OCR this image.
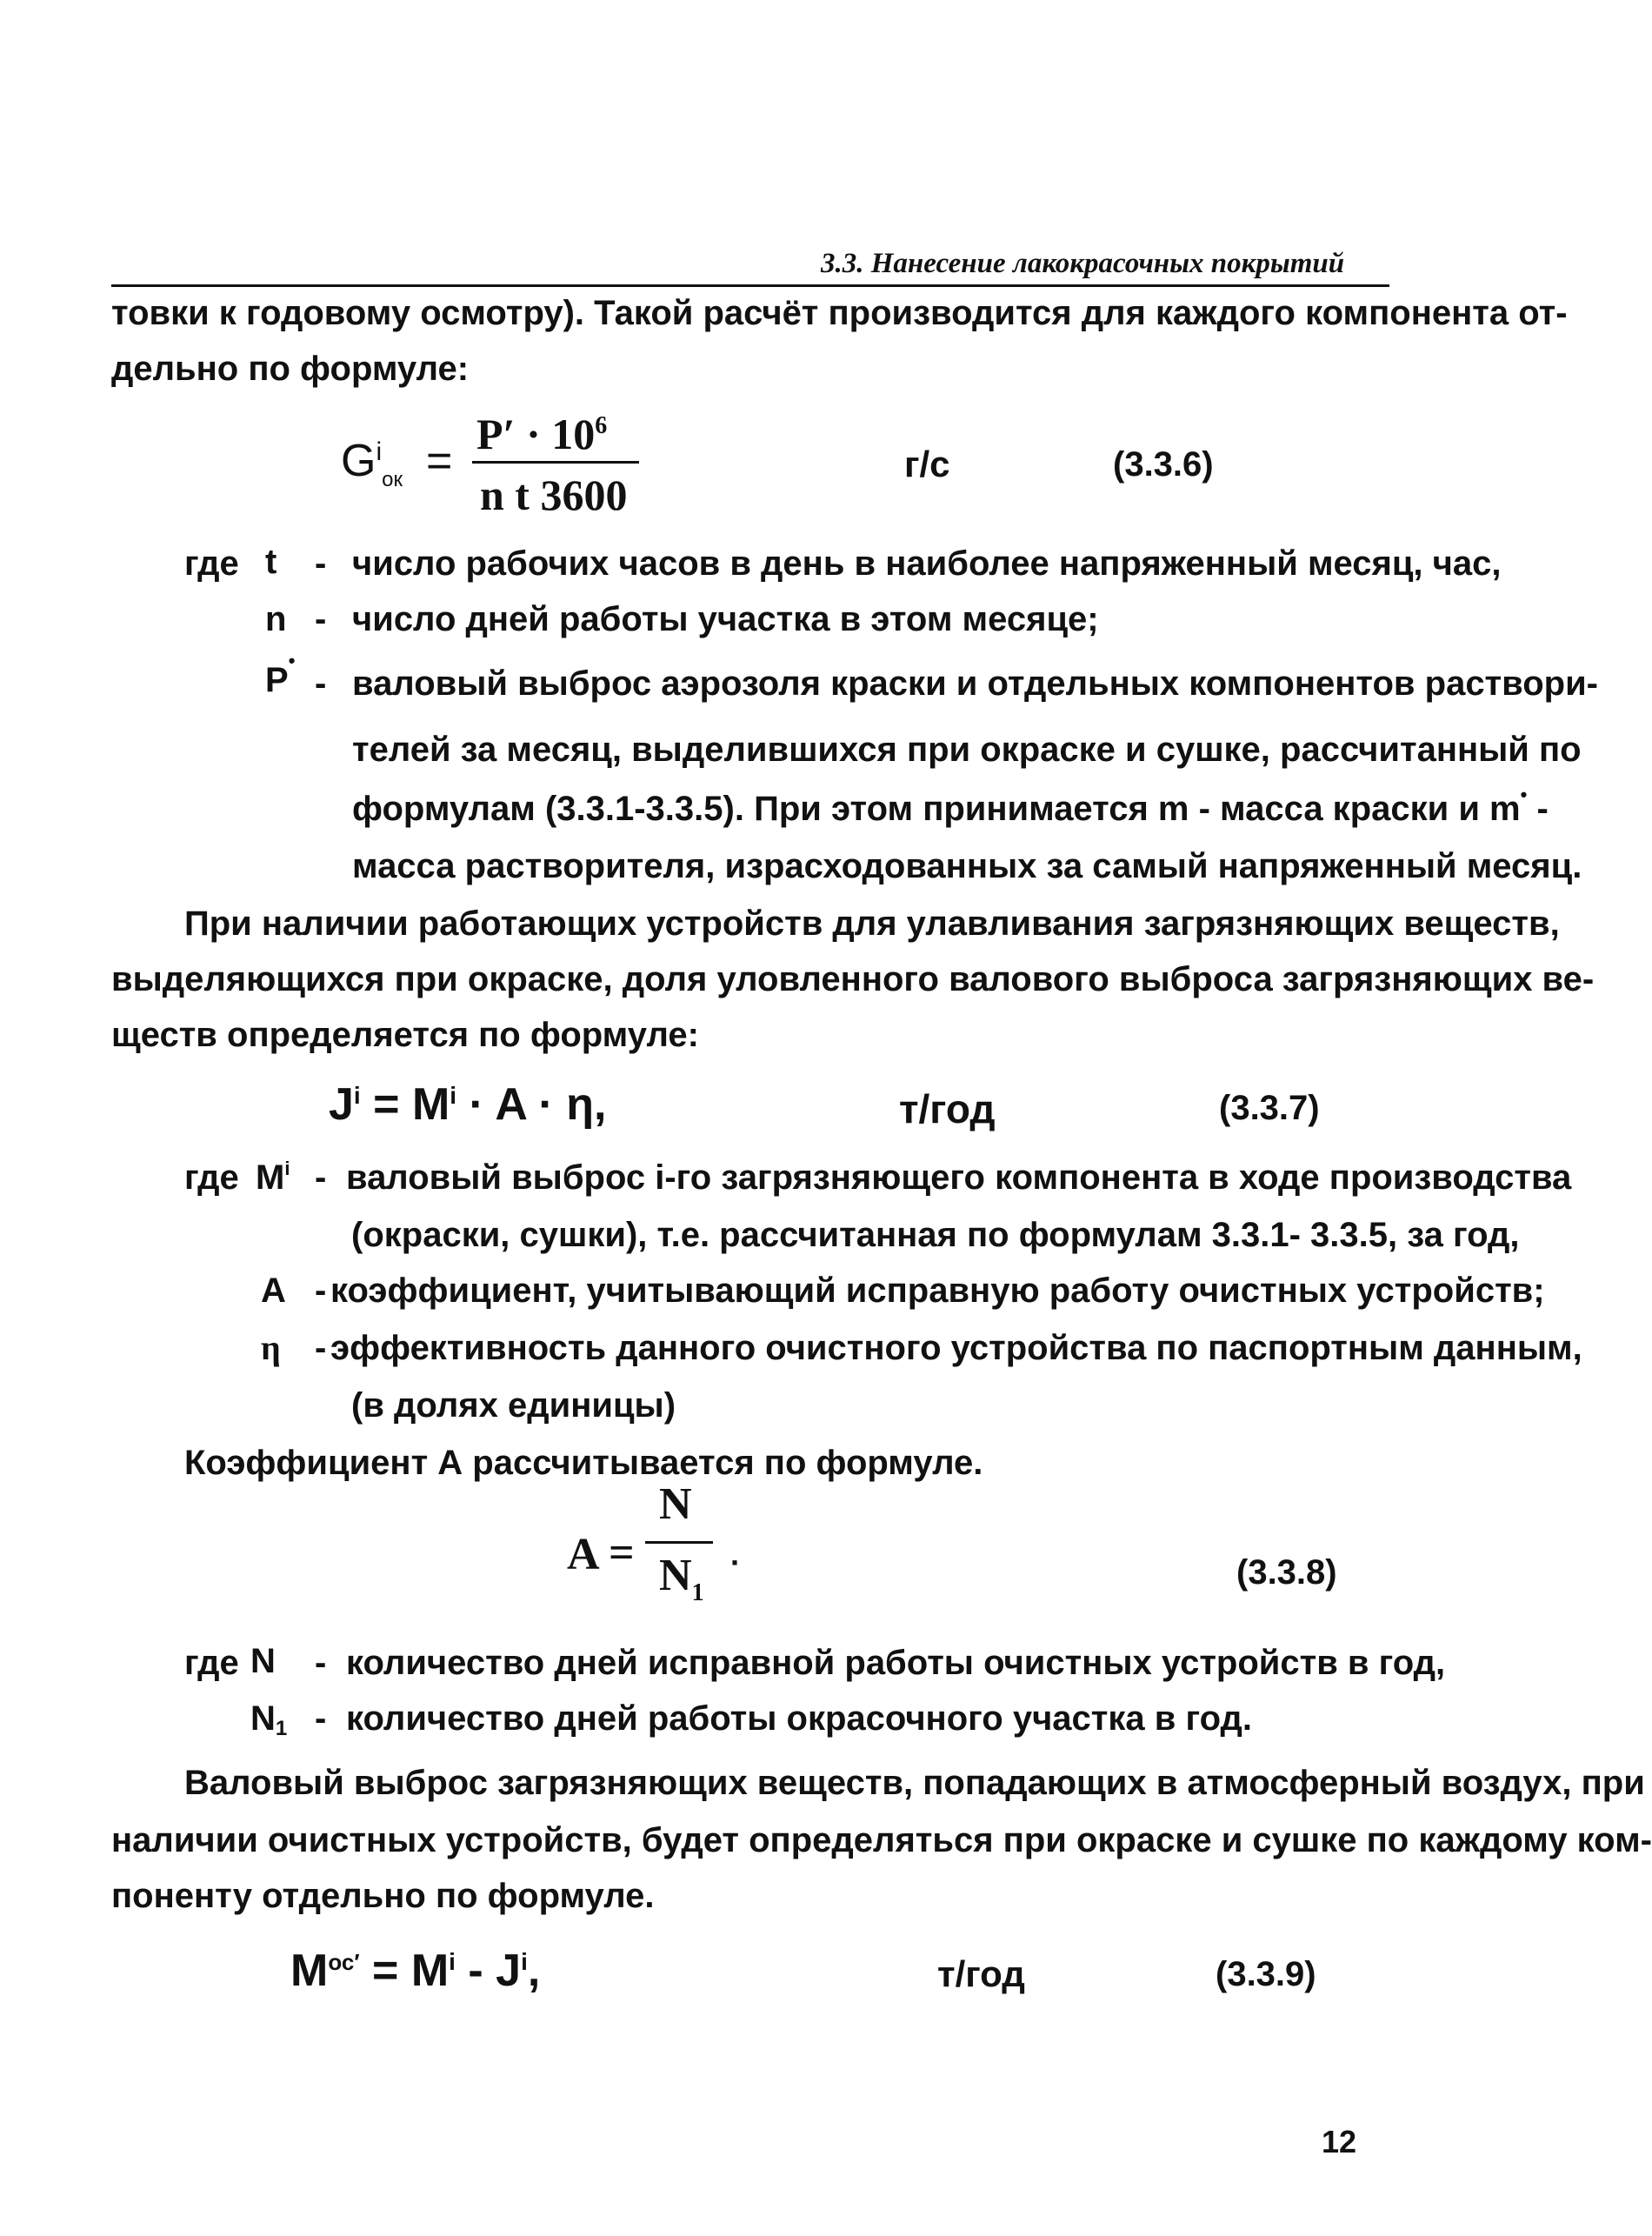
3.3. Нанесение лакокрасочных покрытий
товки к годовому осмотру). Такой расчёт производится для каждого компонента от-
дельно по формуле:
$G^i_{ок}$ =
$P' \cdot 10^6$
n t 3600
г/с	(3.3.6)
где t - число рабочих часов в день в наиболее напряженный месяц, час,
n - число дней работы участка в этом месяце;
P•
- валовый выброс аэрозоля краски и отдельных компонентов раствори-
телей за месяц, выделившихся при окраске и сушке, рассчитанный по
формулам (3.3.1-3.3.5). При этом принимается m - масса краски и m• -
масса растворителя, израсходованных за самый напряженный месяц.
При наличии работающих устройств для улавливания загрязняющих веществ,
выделяющихся при окраске, доля уловленного валового выброса загрязняющих ве-
ществ определяется по формуле:
$J^i = M^i \cdot A \cdot \eta$,	т/год	(3.3.7)
где $M^i$ - валовый выброс i-го загрязняющего компонента в ходе производства
(окраски, сушки), т.е. рассчитанная по формулам 3.3.1- 3.3.5, за год,
A - коэффициент, учитывающий исправную работу очистных устройств;
η - эффективность данного очистного устройства по паспортным данным,
(в долях единицы)
Коэффициент А рассчитывается по формуле.
A =
N
$N_1$
·	(3.3.8)
где N - количество дней исправной работы очистных устройств в год,
N1 - количество дней работы окрасочного участка в год.
Валовый выброс загрязняющих веществ, попадающих в атмосферный воздух, при
наличии очистных устройств, будет определяться при окраске и сушке по каждому ком-
поненту отдельно по формуле.
$M^{ос'} = M^i - J^i$,	т/год	(3.3.9)
12
